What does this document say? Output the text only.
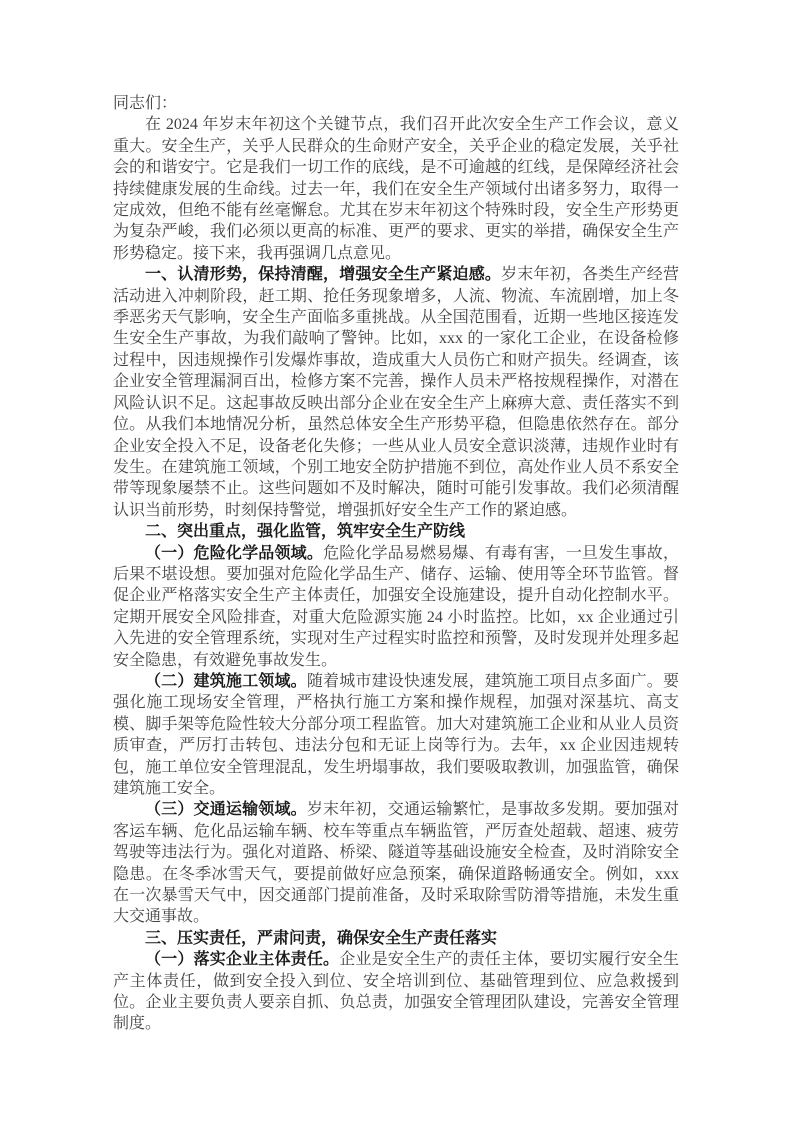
同志们：

在 2024 年岁末年初这个关键节点，我们召开此次安全生产工作会议，意义重大。安全生产，关乎人民群众的生命财产安全，关乎企业的稳定发展，关乎社会的和谐安宁。它是我们一切工作的底线，是不可逾越的红线，是保障经济社会持续健康发展的生命线。过去一年，我们在安全生产领域付出诸多努力，取得一定成效，但绝不能有丝毫懈怠。尤其在岁末年初这个特殊时段，安全生产形势更为复杂严峻，我们必须以更高的标准、更严的要求、更实的举措，确保安全生产形势稳定。接下来，我再强调几点意见。

一、认清形势，保持清醒，增强安全生产紧迫感。岁末年初，各类生产经营活动进入冲刺阶段，赶工期、抢任务现象增多，人流、物流、车流剧增，加上冬季恶劣天气影响，安全生产面临多重挑战。从全国范围看，近期一些地区接连发生安全生产事故，为我们敲响了警钟。比如，xxx 的一家化工企业，在设备检修过程中，因违规操作引发爆炸事故，造成重大人员伤亡和财产损失。经调查，该企业安全管理漏洞百出，检修方案不完善，操作人员未严格按规程操作，对潜在风险认识不足。这起事故反映出部分企业在安全生产上麻痹大意、责任落实不到位。从我们本地情况分析，虽然总体安全生产形势平稳，但隐患依然存在。部分企业安全投入不足，设备老化失修；一些从业人员安全意识淡薄，违规作业时有发生。在建筑施工领域，个别工地安全防护措施不到位，高处作业人员不系安全带等现象屡禁不止。这些问题如不及时解决，随时可能引发事故。我们必须清醒认识当前形势，时刻保持警觉，增强抓好安全生产工作的紧迫感。

二、突出重点，强化监管，筑牢安全生产防线

（一）危险化学品领域。危险化学品易燃易爆、有毒有害，一旦发生事故，后果不堪设想。要加强对危险化学品生产、储存、运输、使用等全环节监管。督促企业严格落实安全生产主体责任，加强安全设施建设，提升自动化控制水平。定期开展安全风险排查，对重大危险源实施 24 小时监控。比如，xx 企业通过引入先进的安全管理系统，实现对生产过程实时监控和预警，及时发现并处理多起安全隐患，有效避免事故发生。

（二）建筑施工领域。随着城市建设快速发展，建筑施工项目点多面广。要强化施工现场安全管理，严格执行施工方案和操作规程，加强对深基坑、高支模、脚手架等危险性较大分部分项工程监管。加大对建筑施工企业和从业人员资质审查，严厉打击转包、违法分包和无证上岗等行为。去年，xx 企业因违规转包，施工单位安全管理混乱，发生坍塌事故，我们要吸取教训，加强监管，确保建筑施工安全。

（三）交通运输领域。岁末年初，交通运输繁忙，是事故多发期。要加强对客运车辆、危化品运输车辆、校车等重点车辆监管，严厉查处超载、超速、疲劳驾驶等违法行为。强化对道路、桥梁、隧道等基础设施安全检查，及时消除安全隐患。在冬季冰雪天气，要提前做好应急预案，确保道路畅通安全。例如，xxx 在一次暴雪天气中，因交通部门提前准备，及时采取除雪防滑等措施，未发生重大交通事故。

三、压实责任，严肃问责，确保安全生产责任落实

（一）落实企业主体责任。企业是安全生产的责任主体，要切实履行安全生产主体责任，做到安全投入到位、安全培训到位、基础管理到位、应急救援到位。企业主要负责人要亲自抓、负总责，加强安全管理团队建设，完善安全管理制度。
